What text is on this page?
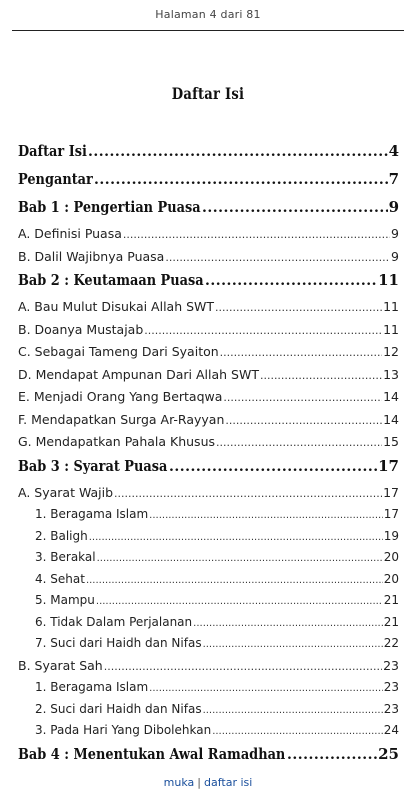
Halaman 4 dari 81
Daftar Isi
Daftar Isi .....	4
Pengantar .....	7
Bab 1 : Pengertian Puasa .....	9
A. Definisi Puasa .....	9
B. Dalil Wajibnya Puasa .....	9
Bab 2 : Keutamaan Puasa .....	11
A. Bau Mulut Disukai Allah SWT .....	11
B. Doanya Mustajab .....	11
C. Sebagai Tameng Dari Syaiton .....	12
D. Mendapat Ampunan Dari Allah SWT .....	13
E. Menjadi Orang Yang Bertaqwa .....	14
F. Mendapatkan Surga Ar-Rayyan .....	14
G. Mendapatkan Pahala Khusus .....	15
Bab 3 : Syarat Puasa .....	17
A. Syarat Wajib .....	17
1. Beragama Islam .....	17
2. Baligh .....	19
3. Berakal .....	20
4. Sehat .....	20
5. Mampu .....	21
6. Tidak Dalam Perjalanan .....	21
7. Suci dari Haidh dan Nifas .....	22
B. Syarat Sah .....	23
1. Beragama Islam .....	23
2. Suci dari Haidh dan Nifas .....	23
3. Pada Hari Yang Dibolehkan .....	24
Bab 4 : Menentukan Awal Ramadhan .....	25
muka | daftar isi
